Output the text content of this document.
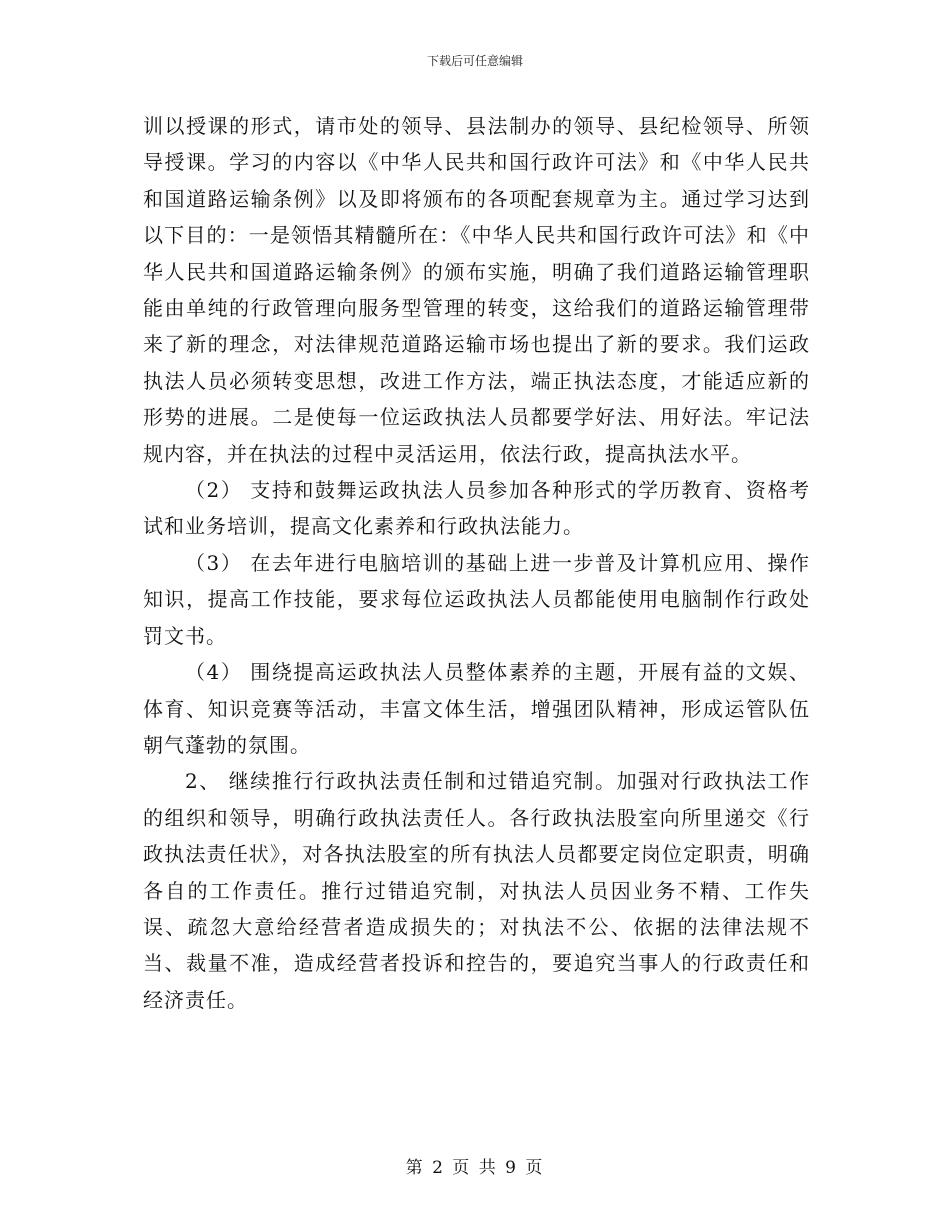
下载后可任意编辑

训以授课的形式，请市处的领导、县法制办的领导、县纪检领导、所领导授课。学习的内容以《中华人民共和国行政许可法》和《中华人民共和国道路运输条例》以及即将颁布的各项配套规章为主。通过学习达到以下目的：一是领悟其精髓所在：《中华人民共和国行政许可法》和《中华人民共和国道路运输条例》的颁布实施，明确了我们道路运输管理职能由单纯的行政管理向服务型管理的转变，这给我们的道路运输管理带来了新的理念，对法律规范道路运输市场也提出了新的要求。我们运政执法人员必须转变思想，改进工作方法，端正执法态度，才能适应新的形势的进展。二是使每一位运政执法人员都要学好法、用好法。牢记法规内容，并在执法的过程中灵活运用，依法行政，提高执法水平。

（2） 支持和鼓舞运政执法人员参加各种形式的学历教育、资格考试和业务培训，提高文化素养和行政执法能力。

（3） 在去年进行电脑培训的基础上进一步普及计算机应用、操作知识，提高工作技能，要求每位运政执法人员都能使用电脑制作行政处罚文书。

（4） 围绕提高运政执法人员整体素养的主题，开展有益的文娱、体育、知识竞赛等活动，丰富文体生活，增强团队精神，形成运管队伍朝气蓬勃的氛围。

2、 继续推行行政执法责任制和过错追究制。加强对行政执法工作的组织和领导，明确行政执法责任人。各行政执法股室向所里递交《行政执法责任状》，对各执法股室的所有执法人员都要定岗位定职责，明确各自的工作责任。推行过错追究制，对执法人员因业务不精、工作失误、疏忽大意给经营者造成损失的；对执法不公、依据的法律法规不当、裁量不准，造成经营者投诉和控告的，要追究当事人的行政责任和经济责任。

第 2 页 共 9 页
